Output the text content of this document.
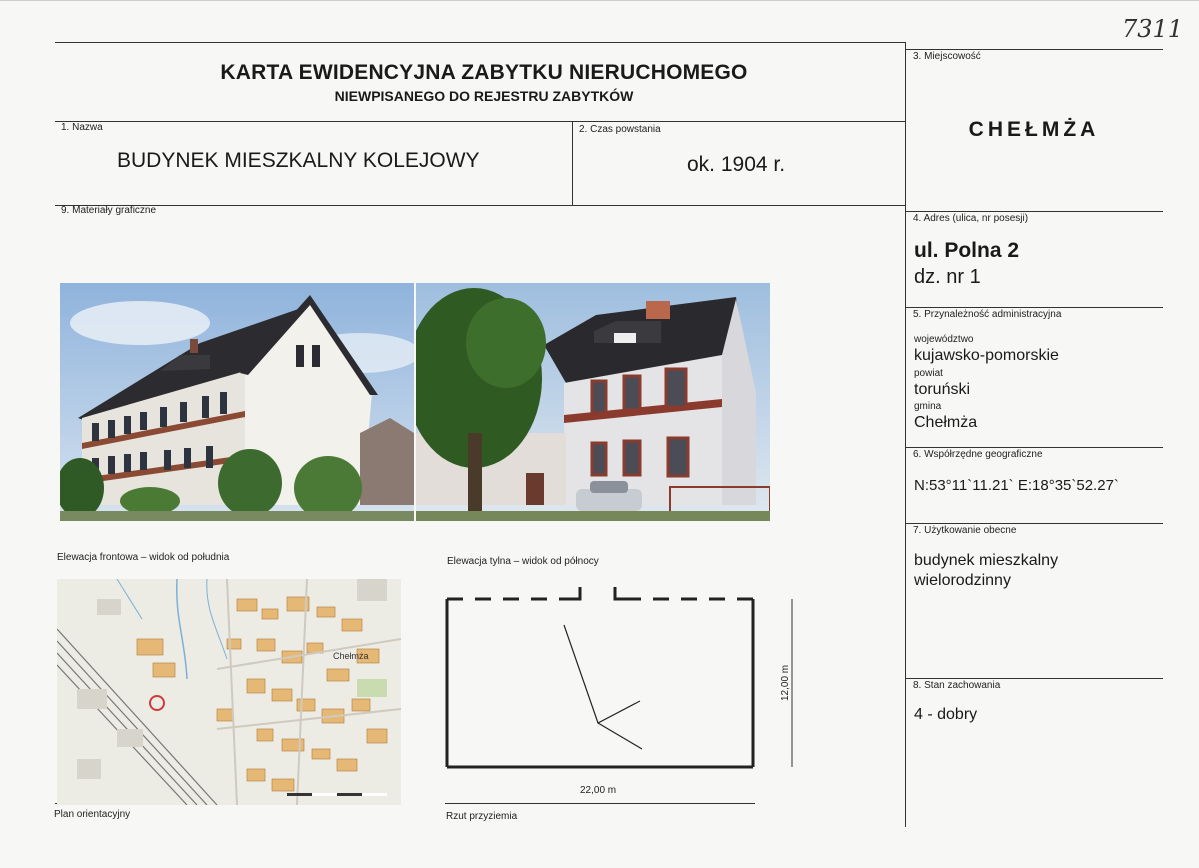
7311
KARTA EWIDENCYJNA ZABYTKU NIERUCHOMEGO
NIEWPISANEGO DO REJESTRU ZABYTKÓW
1. Nazwa
BUDYNEK MIESZKALNY KOLEJOWY
2. Czas powstania
ok. 1904 r.
3. Miejscowość
CHEŁMŻA
9. Materiały graficzne
4. Adres (ulica, nr posesji)
ul. Polna 2
dz. nr 1
5. Przynależność administracyjna
województwo
kujawsko-pomorskie
powiat
toruński
gmina
Chełmża
6. Współrzędne geograficzne
N:53°11`11.21` E:18°35`52.27`
7. Użytkowanie obecne
budynek mieszkalny
wielorodzinny
8. Stan zachowania
4 - dobry
Elewacja frontowa – widok od południa	Elewacja tylna – widok od północy
Plan orientacyjny	Rzut przyziemia
Chełmża
12,00 m
22,00 m
